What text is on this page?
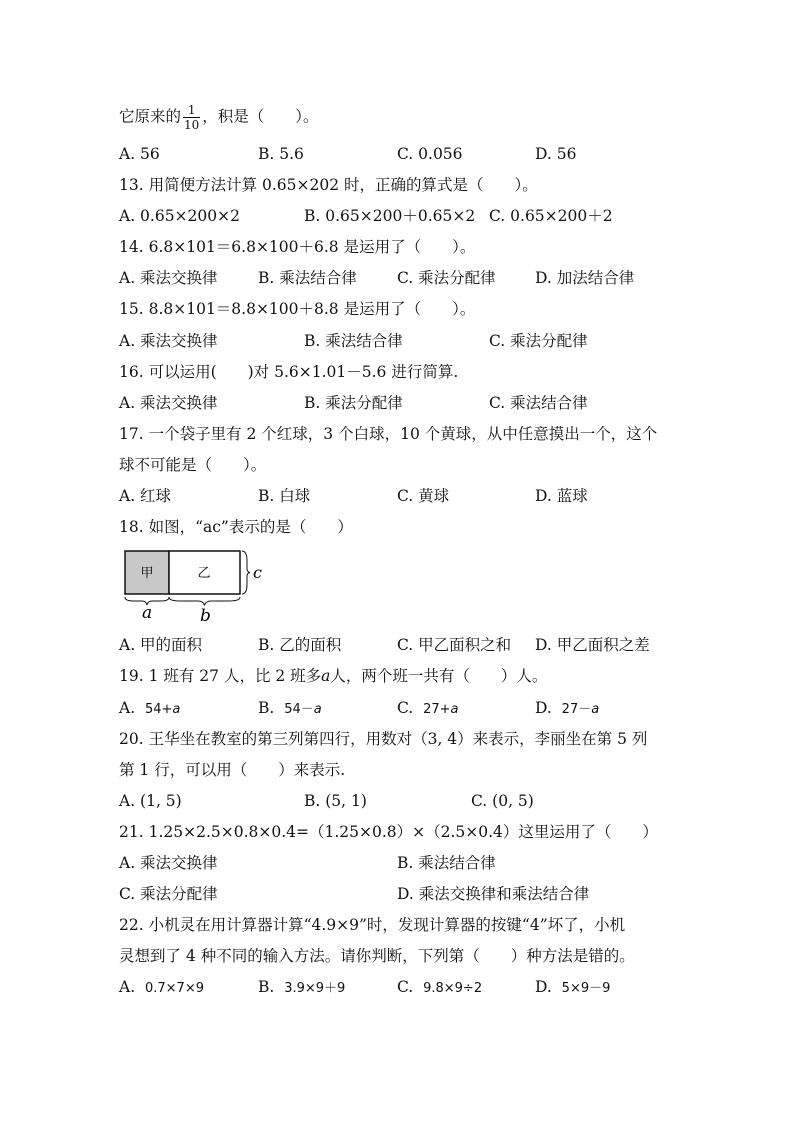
它原来的 $\frac{1}{10}$ ，积是（　　）。
A. 56	B. 5.6	C. 0.056	D. 56
13. 用简便方法计算 0.65×202 时，正确的算式是（　　）。
A. 0.65×200×2	B. 0.65×200＋0.65×2 C. 0.65×200＋2
14. 6.8×101＝6.8×100＋6.8 是运用了（　　）。
A. 乘法交换律	B. 乘法结合律	C. 乘法分配律	D. 加法结合律
15. 8.8×101＝8.8×100＋8.8 是运用了（　　）。
A. 乘法交换律	B. 乘法结合律	C. 乘法分配律
16. 可以运用(　　)对 5.6×1.01－5.6 进行简算.
A. 乘法交换律	B. 乘法分配律	C. 乘法结合律
17. 一个袋子里有 2 个红球，3 个白球，10 个黄球，从中任意摸出一个，这个
球不可能是（　　）。
A. 红球	B. 白球	C. 黄球	D. 蓝球
18. 如图，“ac”表示的是（　　）
甲	乙	c
a	b
A. 甲的面积	B. 乙的面积	C. 甲乙面积之和 D. 甲乙面积之差
19. 1 班有 27 人，比 2 班多a人，两个班一共有（　　）人。
A. 54+a	B. 54－a	C. 27+a	D. 27－a
20. 王华坐在教室的第三列第四行，用数对（3, 4）来表示，李丽坐在第 5 列
第 1 行，可以用（　　）来表示.
A. (1, 5)	B. (5, 1)	C. (0, 5)
21. 1.25×2.5×0.8×0.4=（1.25×0.8）×（2.5×0.4）这里运用了（　　）
A. 乘法交换律	B. 乘法结合律
C. 乘法分配律	D. 乘法交换律和乘法结合律
22. 小机灵在用计算器计算“4.9×9”时，发现计算器的按键“4”坏了，小机
灵想到了 4 种不同的输入方法。请你判断，下列第（　　）种方法是错的。
A. 0.7×7×9	B. 3.9×9＋9	C. 9.8×9÷2	D. 5×9－9
